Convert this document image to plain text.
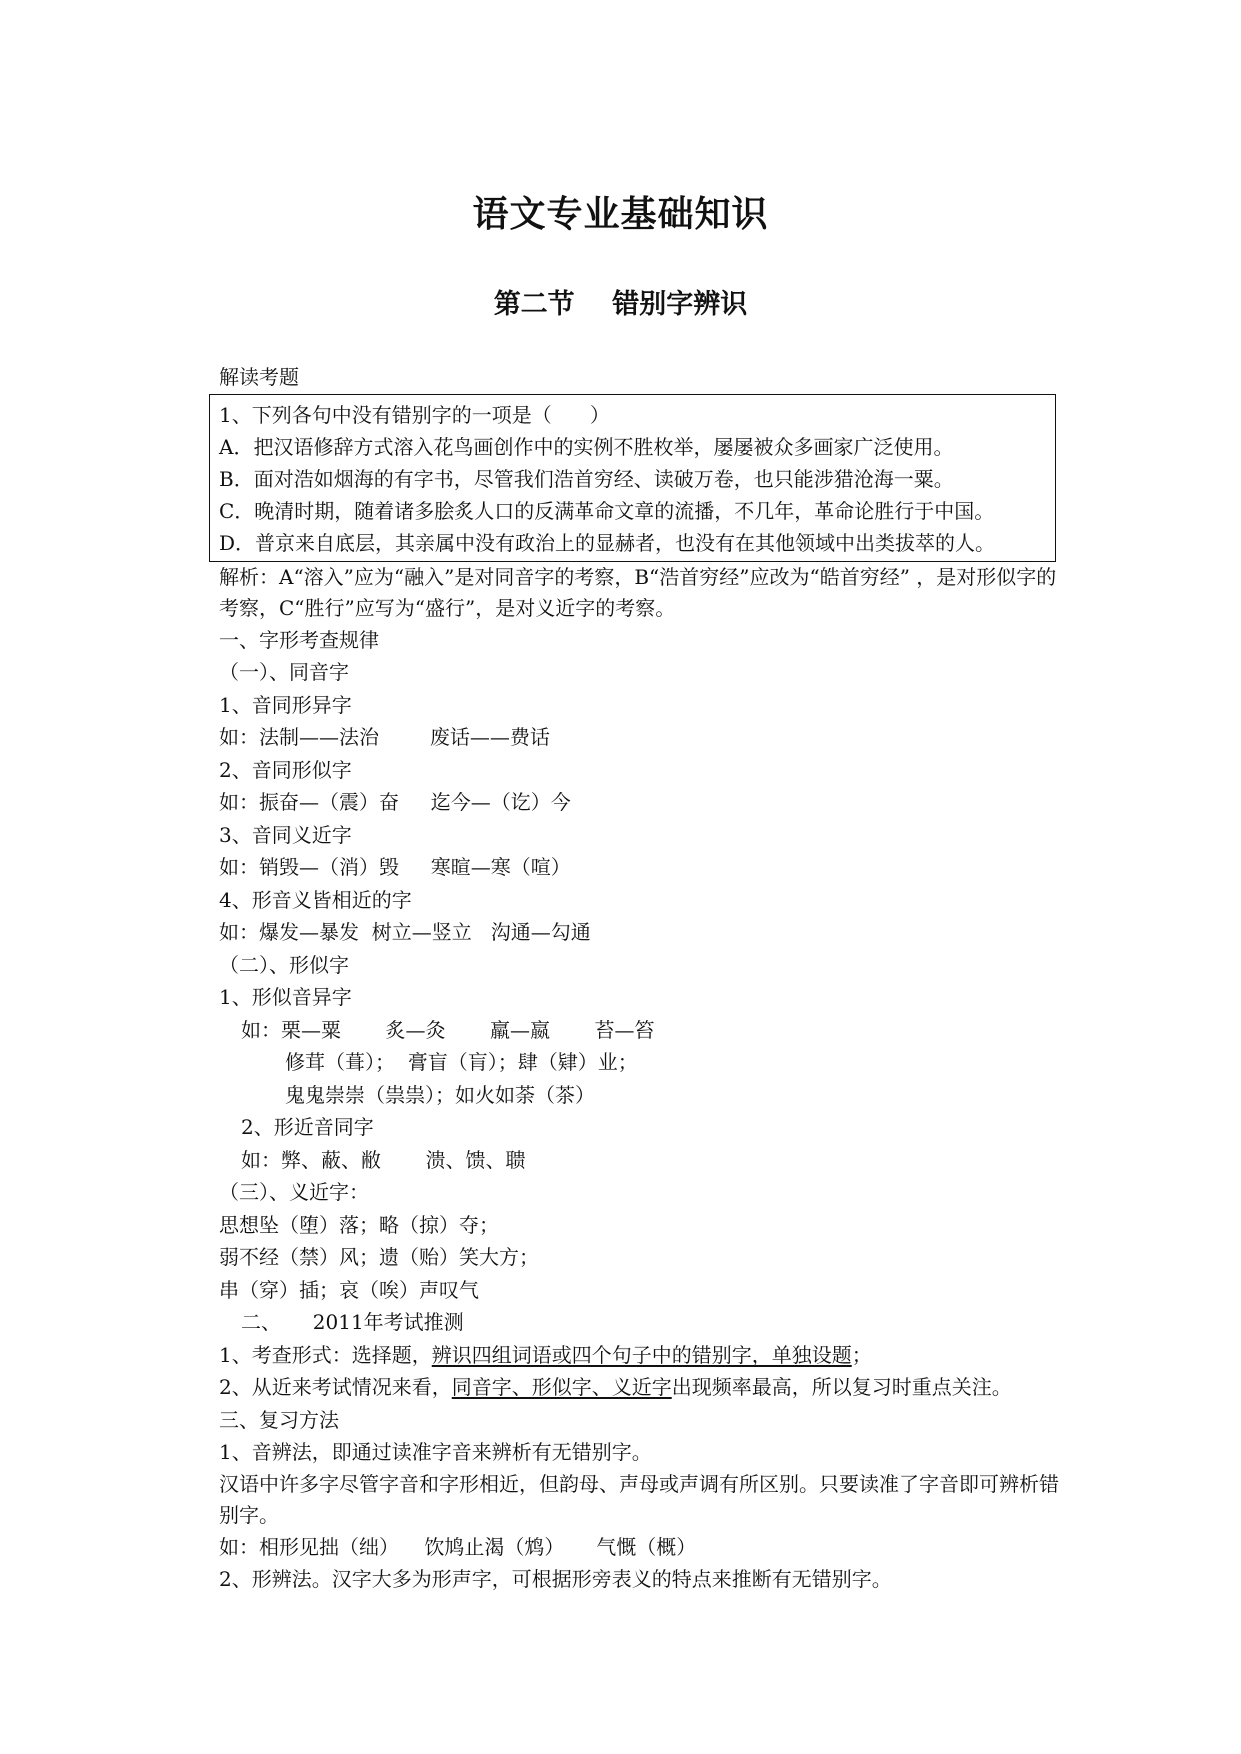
语文专业基础知识
第二节    错别字辨识
解读考题
1、下列各句中没有错别字的一项是（      ）
A．把汉语修辞方式溶入花鸟画创作中的实例不胜枚举，屡屡被众多画家广泛使用。
B．面对浩如烟海的有字书，尽管我们浩首穷经、读破万卷，也只能涉猎沧海一粟。
C．晚清时期，随着诸多脍炙人口的反满革命文章的流播，不几年，革命论胜行于中国。
D．普京来自底层，其亲属中没有政治上的显赫者，也没有在其他领域中出类拔萃的人。
解析：A“溶入”应为“融入”是对同音字的考察，B“浩首穷经”应改为“皓首穷经” ，是对形似字的考察，C“胜行”应写为“盛行”，是对义近字的考察。
一、字形考查规律
（一）、同音字
1、音同形异字
如：法制——法治        废话——费话
2、音同形似字
如：振奋—（震）奋     迄今—（讫）今
3、音同义近字
如：销毁—（消）毁     寒暄—寒（喧）
4、形音义皆相近的字
如：爆发—暴发  树立—竖立   沟通—勾通
（二）、形似字
1、形似音异字
如：栗—粟       炙—灸       羸—嬴       苔—笞
修茸（葺）；  膏盲（肓）；肆（肄）业；
鬼鬼崇崇（祟祟）；如火如荼（茶）
2、形近音同字
如：弊、蔽、敝       溃、馈、聩
（三）、义近字：
思想坠（堕）落；略（掠）夺；
弱不经（禁）风；遗（贻）笑大方；
串（穿）插；哀（唉）声叹气
二、     2011年考试推测
1、考查形式：选择题，辨识四组词语或四个句子中的错别字，单独设题；
2、从近来考试情况来看，同音字、形似字、义近字出现频率最高，所以复习时重点关注。
三、复习方法
1、音辨法，即通过读准字音来辨析有无错别字。
汉语中许多字尽管字音和字形相近，但韵母、声母或声调有所区别。只要读准了字音即可辨析错别字。
如：相形见拙（绌）    饮鸠止渴（鸩）     气慨（概）
2、形辨法。汉字大多为形声字，可根据形旁表义的特点来推断有无错别字。
